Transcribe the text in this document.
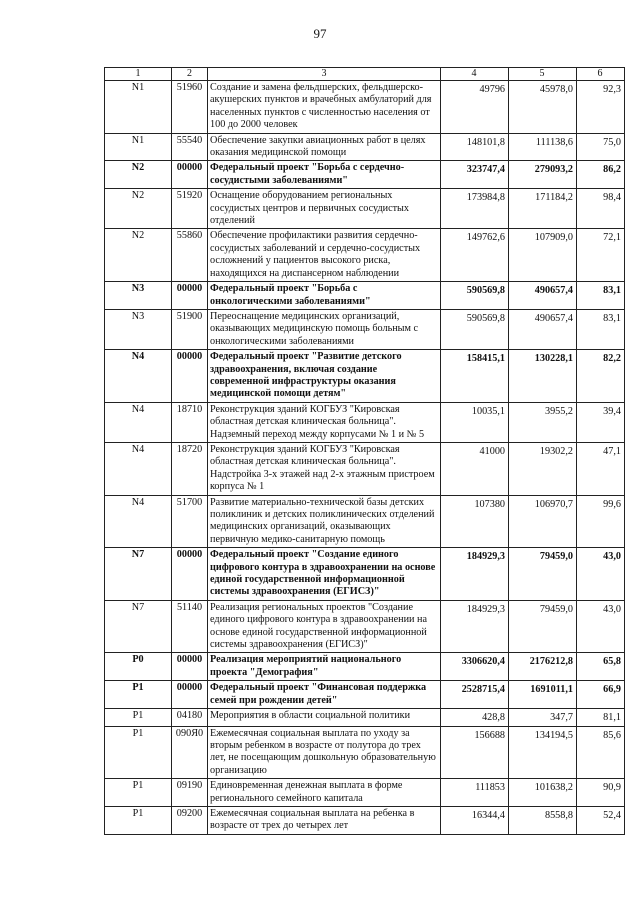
97
1	2	3	4	5	6
N1	51960	Создание и замена фельдшерских, фельдшерско-акушерских пунктов и врачебных амбулаторий для населенных пунктов с численностью населения от 100 до 2000 человек	49796	45978,0	92,3
N1	55540	Обеспечение закупки авиационных работ в целях оказания медицинской помощи	148101,8	111138,6	75,0
N2	00000	Федеральный проект "Борьба с сердечно-сосудистыми заболеваниями"	323747,4	279093,2	86,2
N2	51920	Оснащение оборудованием региональных сосудистых центров и первичных сосудистых отделений	173984,8	171184,2	98,4
N2	55860	Обеспечение профилактики развития сердечно-сосудистых заболеваний и сердечно-сосудистых осложнений у пациентов высокого риска, находящихся на диспансерном наблюдении	149762,6	107909,0	72,1
N3	00000	Федеральный проект "Борьба с онкологическими заболеваниями"	590569,8	490657,4	83,1
N3	51900	Переоснащение медицинских организаций, оказывающих медицинскую помощь больным с онкологическими заболеваниями	590569,8	490657,4	83,1
N4	00000	Федеральный проект "Развитие детского здравоохранения, включая создание современной инфраструктуры оказания медицинской помощи детям"	158415,1	130228,1	82,2
N4	18710	Реконструкция зданий КОГБУЗ "Кировская областная детская клиническая больница". Надземный переход между корпусами № 1 и № 5	10035,1	3955,2	39,4
N4	18720	Реконструкция зданий КОГБУЗ "Кировская областная детская клиническая больница". Надстройка 3-х этажей над 2-х этажным пристроем корпуса № 1	41000	19302,2	47,1
N4	51700	Развитие материально-технической базы детских поликлиник и детских поликлинических отделений медицинских организаций, оказывающих первичную медико-санитарную помощь	107380	106970,7	99,6
N7	00000	Федеральный проект "Создание единого цифрового контура в здравоохранении на основе единой государственной информационной системы здравоохранения (ЕГИСЗ)"	184929,3	79459,0	43,0
N7	51140	Реализация региональных проектов "Создание единого цифрового контура в здравоохранении на основе единой государственной информационной системы здравоохранения (ЕГИСЗ)"	184929,3	79459,0	43,0
P0	00000	Реализация мероприятий национального проекта "Демография"	3306620,4	2176212,8	65,8
P1	00000	Федеральный проект "Финансовая поддержка семей при рождении детей"	2528715,4	1691011,1	66,9
P1	04180	Мероприятия в области социальной политики	428,8	347,7	81,1
P1	090Я0	Ежемесячная социальная выплата по уходу за вторым ребенком в возрасте от полутора до трех лет, не посещающим дошкольную образовательную организацию	156688	134194,5	85,6
P1	09190	Единовременная денежная выплата в форме регионального семейного капитала	111853	101638,2	90,9
P1	09200	Ежемесячная социальная выплата на ребенка в возрасте от трех до четырех лет	16344,4	8558,8	52,4
